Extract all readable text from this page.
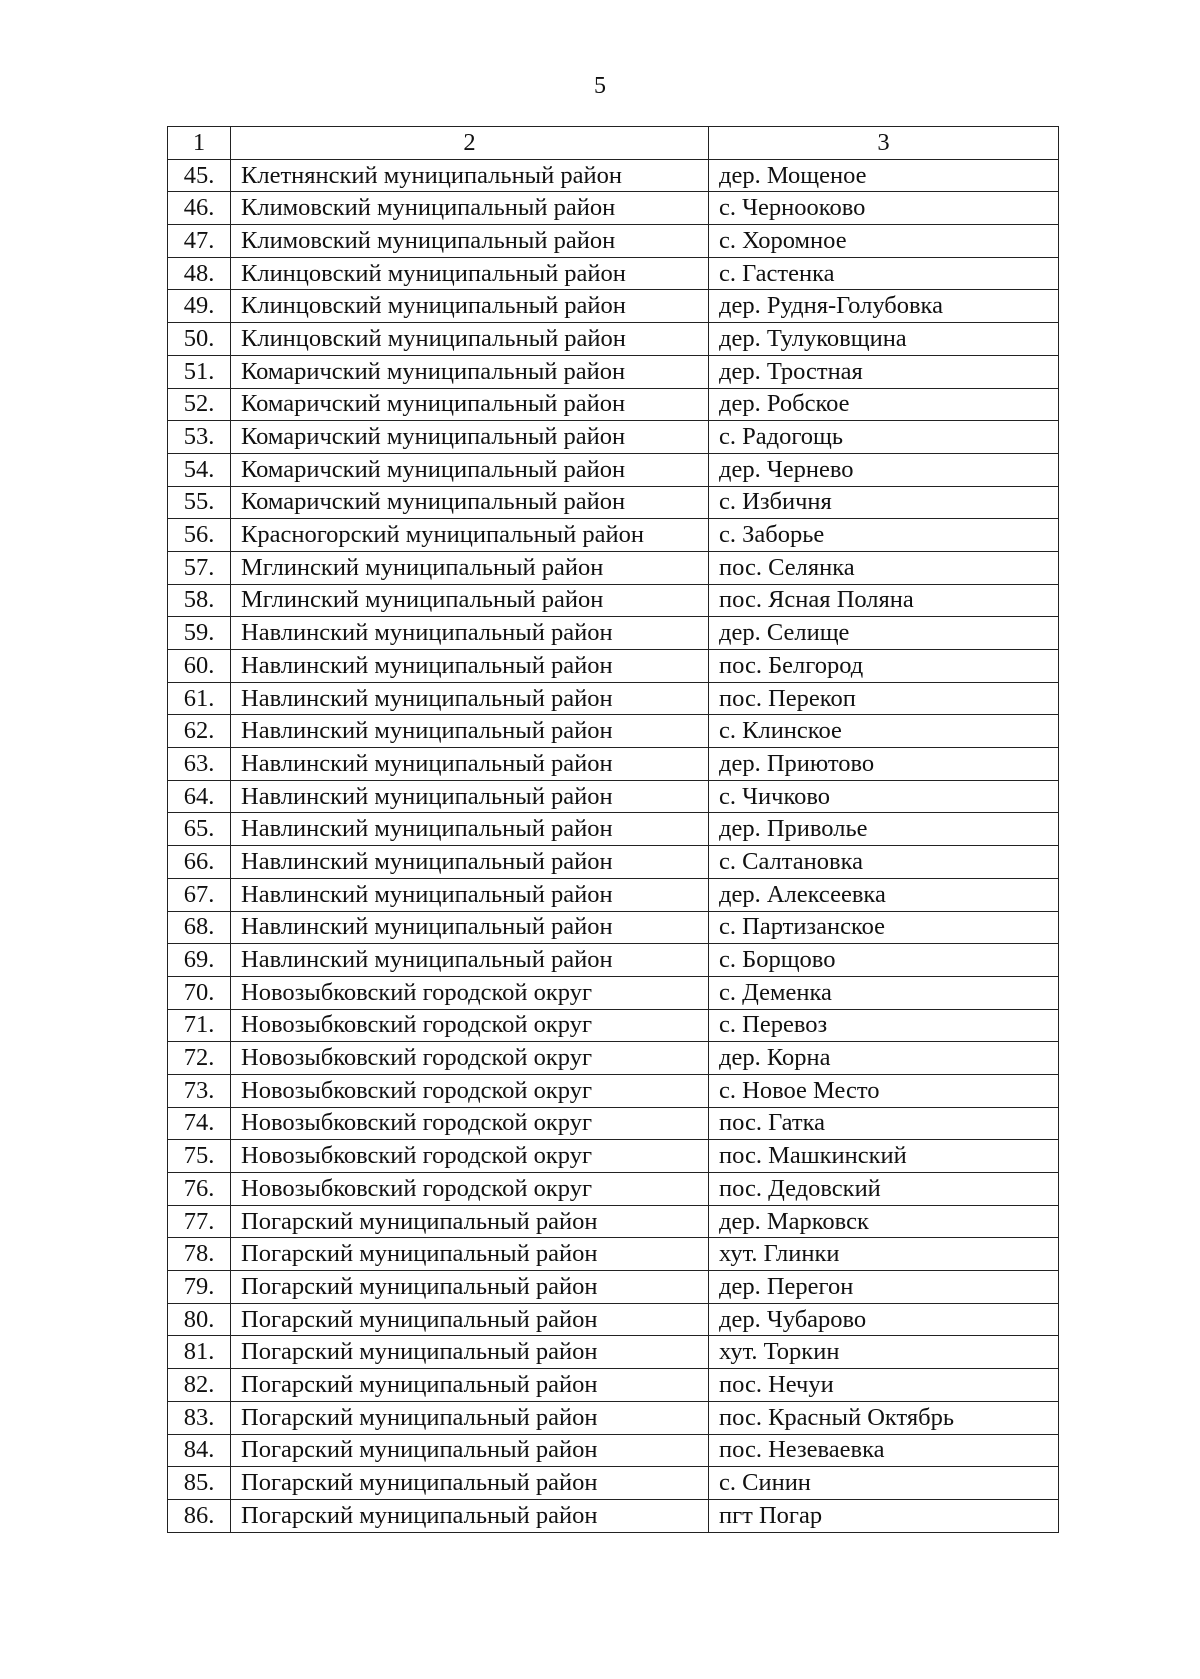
5
1	2	3
45.	Клетнянский муниципальный район	дер. Мощеное
46.	Климовский муниципальный район	с. Чернооково
47.	Климовский муниципальный район	с. Хоромное
48.	Клинцовский муниципальный район	с. Гастенка
49.	Клинцовский муниципальный район	дер. Рудня-Голубовка
50.	Клинцовский муниципальный район	дер. Тулуковщина
51.	Комаричский муниципальный район	дер. Тростная
52.	Комаричский муниципальный район	дер. Робское
53.	Комаричский муниципальный район	с. Радогощь
54.	Комаричский муниципальный район	дер. Чернево
55.	Комаричский муниципальный район	с. Избичня
56.	Красногорский муниципальный район	с. Заборье
57.	Мглинский муниципальный район	пос. Селянка
58.	Мглинский муниципальный район	пос. Ясная Поляна
59.	Навлинский муниципальный район	дер. Селище
60.	Навлинский муниципальный район	пос. Белгород
61.	Навлинский муниципальный район	пос. Перекоп
62.	Навлинский муниципальный район	с. Клинское
63.	Навлинский муниципальный район	дер. Приютово
64.	Навлинский муниципальный район	с. Чичково
65.	Навлинский муниципальный район	дер. Приволье
66.	Навлинский муниципальный район	с. Салтановка
67.	Навлинский муниципальный район	дер. Алексеевка
68.	Навлинский муниципальный район	с. Партизанское
69.	Навлинский муниципальный район	с. Борщово
70.	Новозыбковский городской округ	с. Деменка
71.	Новозыбковский городской округ	с. Перевоз
72.	Новозыбковский городской округ	дер. Корна
73.	Новозыбковский городской округ	с. Новое Место
74.	Новозыбковский городской округ	пос. Гатка
75.	Новозыбковский городской округ	пос. Машкинский
76.	Новозыбковский городской округ	пос. Дедовский
77.	Погарский муниципальный район	дер. Марковск
78.	Погарский муниципальный район	хут. Глинки
79.	Погарский муниципальный район	дер. Перегон
80.	Погарский муниципальный район	дер. Чубарово
81.	Погарский муниципальный район	хут. Торкин
82.	Погарский муниципальный район	пос. Нечуи
83.	Погарский муниципальный район	пос. Красный Октябрь
84.	Погарский муниципальный район	пос. Незеваевка
85.	Погарский муниципальный район	с. Синин
86.	Погарский муниципальный район	пгт Погар
